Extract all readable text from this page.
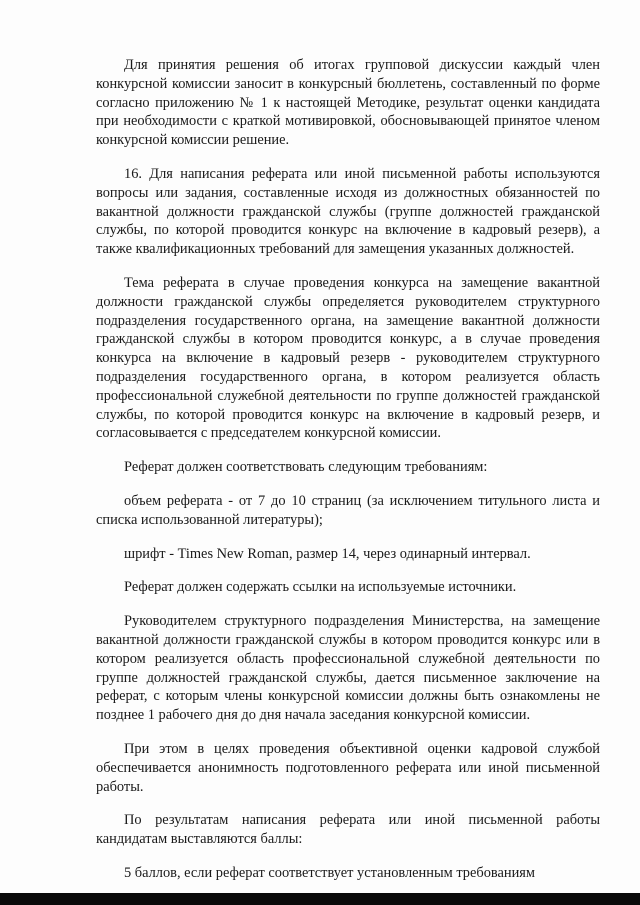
Для принятия решения об итогах групповой дискуссии каждый член конкурсной комиссии заносит в конкурсный бюллетень, составленный по форме согласно приложению № 1 к настоящей Методике, результат оценки кандидата при необходимости с краткой мотивировкой, обосновывающей принятое членом конкурсной комиссии решение.

16. Для написания реферата или иной письменной работы используются вопросы или задания, составленные исходя из должностных обязанностей по вакантной должности гражданской службы (группе должностей гражданской службы, по которой проводится конкурс на включение в кадровый резерв), а также квалификационных требований для замещения указанных должностей.

Тема реферата в случае проведения конкурса на замещение вакантной должности гражданской службы определяется руководителем структурного подразделения государственного органа, на замещение вакантной должности гражданской службы в котором проводится конкурс, а в случае проведения конкурса на включение в кадровый резерв - руководителем структурного подразделения государственного органа, в котором реализуется область профессиональной служебной деятельности по группе должностей гражданской службы, по которой проводится конкурс на включение в кадровый резерв, и согласовывается с председателем конкурсной комиссии.

Реферат должен соответствовать следующим требованиям:

объем реферата - от 7 до 10 страниц (за исключением титульного листа и списка использованной литературы);

шрифт - Times New Roman, размер 14, через одинарный интервал.

Реферат должен содержать ссылки на используемые источники.

Руководителем структурного подразделения Министерства, на замещение вакантной должности гражданской службы в котором проводится конкурс или в котором реализуется область профессиональной служебной деятельности по группе должностей гражданской службы, дается письменное заключение на реферат, с которым члены конкурсной комиссии должны быть ознакомлены не позднее 1 рабочего дня до дня начала заседания конкурсной комиссии.

При этом в целях проведения объективной оценки кадровой службой обеспечивается анонимность подготовленного реферата или иной письменной работы.

По результатам написания реферата или иной письменной работы кандидатам выставляются баллы:

5 баллов, если реферат соответствует установленным требованиям
